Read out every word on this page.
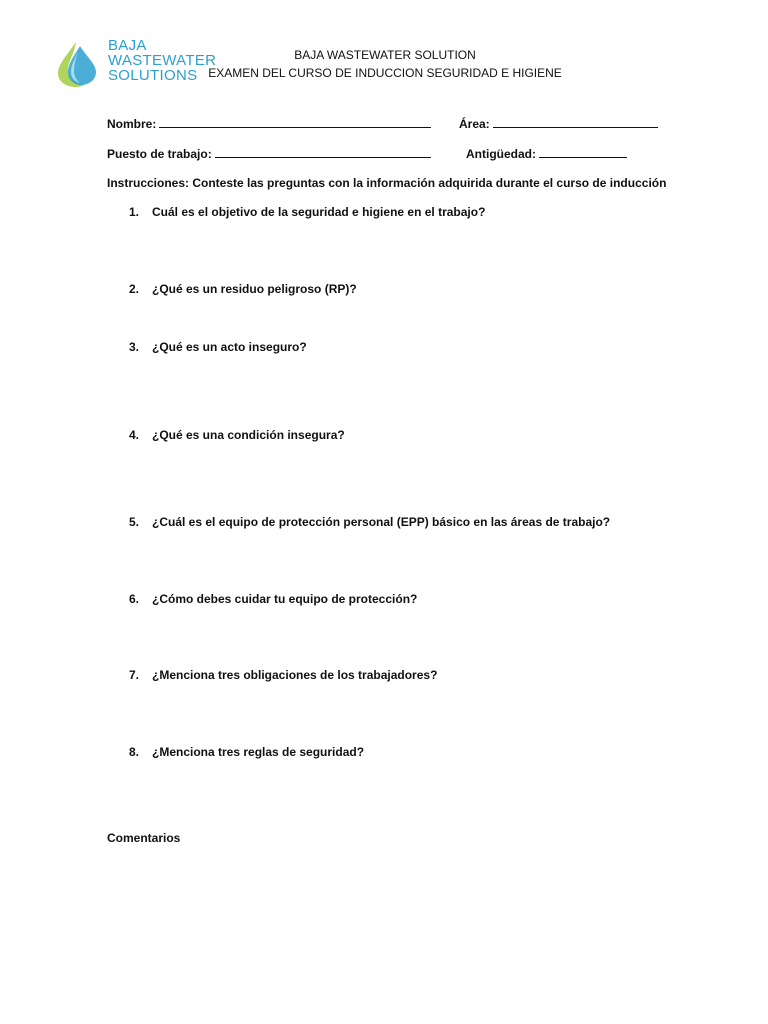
BAJA
WASTEWATER
SOLUTIONS
BAJA WASTEWATER SOLUTION
EXAMEN DEL CURSO DE INDUCCION SEGURIDAD E HIGIENE
Nombre:	Área:
Puesto de trabajo:	Antigüedad:
Instrucciones: Conteste las preguntas con la información adquirida durante el curso de inducción
1. Cuál es el objetivo de la seguridad e higiene en el trabajo?
2. ¿Qué es un residuo peligroso (RP)?
3. ¿Qué es un acto inseguro?
4. ¿Qué es una condición insegura?
5. ¿Cuál es el equipo de protección personal (EPP) básico en las áreas de trabajo?
6. ¿Cómo debes cuidar tu equipo de protección?
7. ¿Menciona tres obligaciones de los trabajadores?
8. ¿Menciona tres reglas de seguridad?
Comentarios
